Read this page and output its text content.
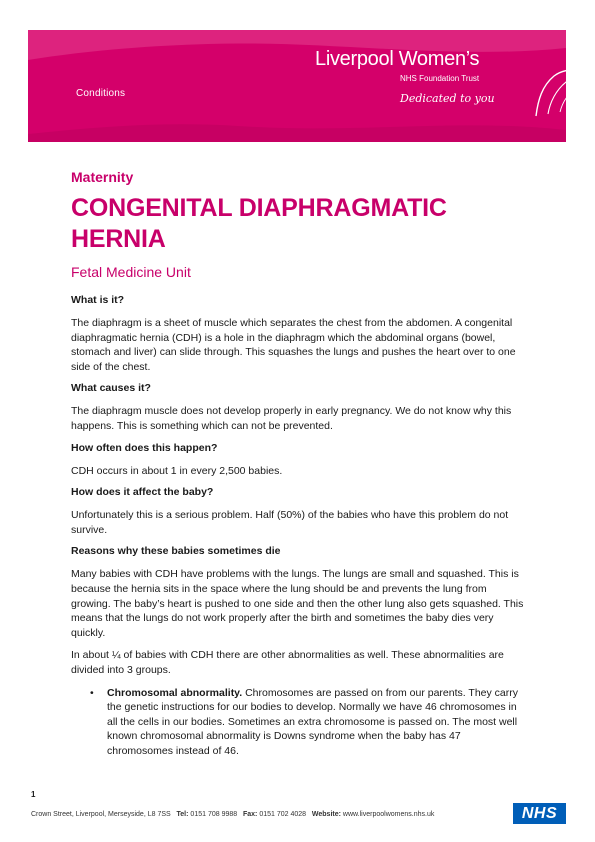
Conditions
Liverpool Women’s
NHS Foundation Trust
Dedicated to you
Maternity
CONGENITAL DIAPHRAGMATIC HERNIA
Fetal Medicine Unit
What is it?

The diaphragm is a sheet of muscle which separates the chest from the abdomen. A congenital diaphragmatic hernia (CDH) is a hole in the diaphragm which the abdominal organs (bowel, stomach and liver) can slide through. This squashes the lungs and pushes the heart over to one side of the chest.

What causes it?

The diaphragm muscle does not develop properly in early pregnancy. We do not know why this happens. This is something which can not be prevented.

How often does this happen?

CDH occurs in about 1 in every 2,500 babies.

How does it affect the baby?

Unfortunately this is a serious problem. Half (50%) of the babies who have this problem do not survive.

Reasons why these babies sometimes die

Many babies with CDH have problems with the lungs. The lungs are small and squashed. This is because the hernia sits in the space where the lung should be and prevents the lung from growing. The baby’s heart is pushed to one side and then the other lung also gets squashed. This means that the lungs do not work properly after the birth and sometimes the baby dies very quickly.

In about ¼ of babies with CDH there are other abnormalities as well. These abnormalities are divided into 3 groups.

• Chromosomal abnormality. Chromosomes are passed on from our parents. They carry the genetic instructions for our bodies to develop. Normally we have 46 chromosomes in all the cells in our bodies. Sometimes an extra chromosome is passed on. The most well known chromosomal abnormality is Downs syndrome when the baby has 47 chromosomes instead of 46.
1
Crown Street, Liverpool, Merseyside, L8 7SS Tel: 0151 708 9988 Fax: 0151 702 4028 Website: www.liverpoolwomens.nhs.uk	NHS
